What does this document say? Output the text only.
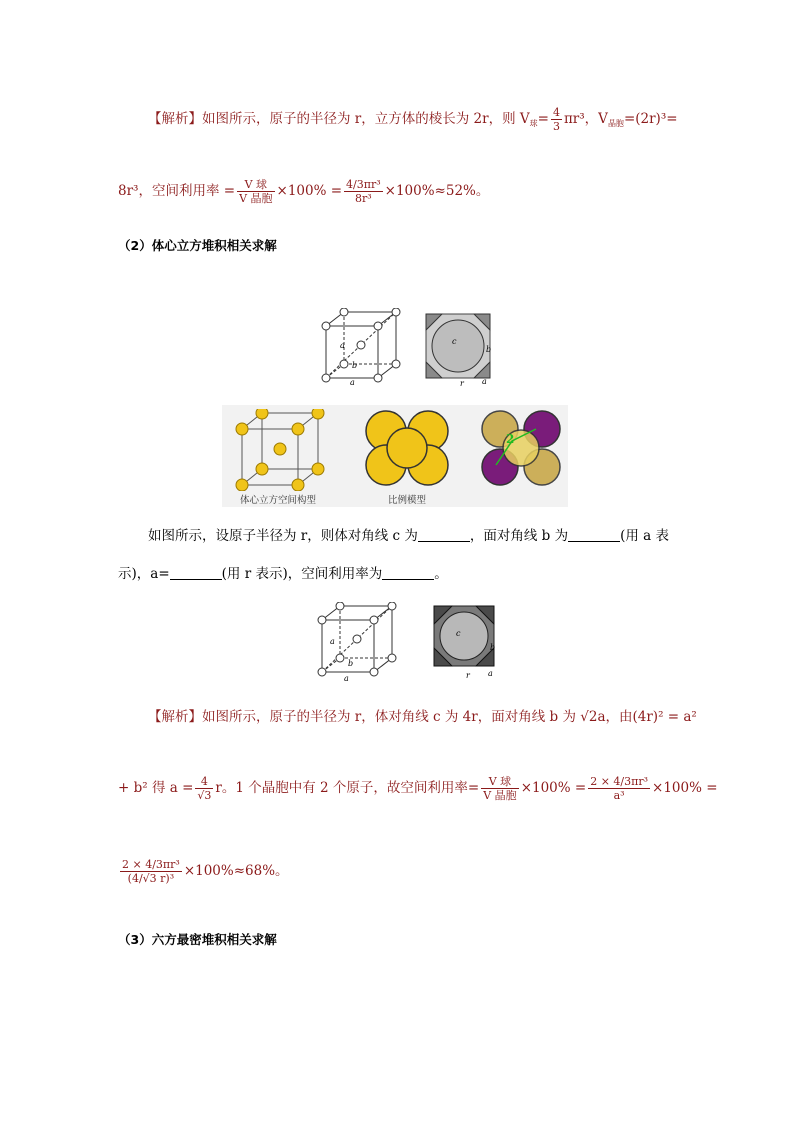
【解析】如图所示，原子的半径为 r，立方体的棱长为 2r，则 $V_球= \frac{4}{3} \pi r^3$，$V_{晶胞}=(2r)^3=$
8r³，空间利用率 = $\frac{\text{V 球}}{\text{V 晶胞}} \times 100\% = \frac{\text{4/3πr³}}{\text{8r³}} \times 100\%\approx 52\%$。
（2）体心立方堆积相关求解
a
b
a
c
b
r a
体心立方空间构型	比例模型
2
如图所示，设原子半径为 r，则体对角线 c 为	，面对角线 b 为	(用 a 表
示)，a=	(用 r 表示)，空间利用率为	。
a
b
a
c
b
r a
【解析】如图所示，原子的半径为 r，体对角线 c 为 4r，面对角线 b 为 √2a，由(4r)² = a²
+ b² 得 $a = \frac{4}{√3}$ r。1 个晶胞中有 2 个原子，故空间利用率= $\frac{\text{V 球}}{\text{V 晶胞}} \times 100\% = \frac{\text{2 × 4/3πr³}}{\text{a³}} \times 100\%$ =
$\frac{\text{2 × 4/3πr³}}{\text{(4/√3 r)³}} \times 100\%\approx 68\%$。
（3）六方最密堆积相关求解
